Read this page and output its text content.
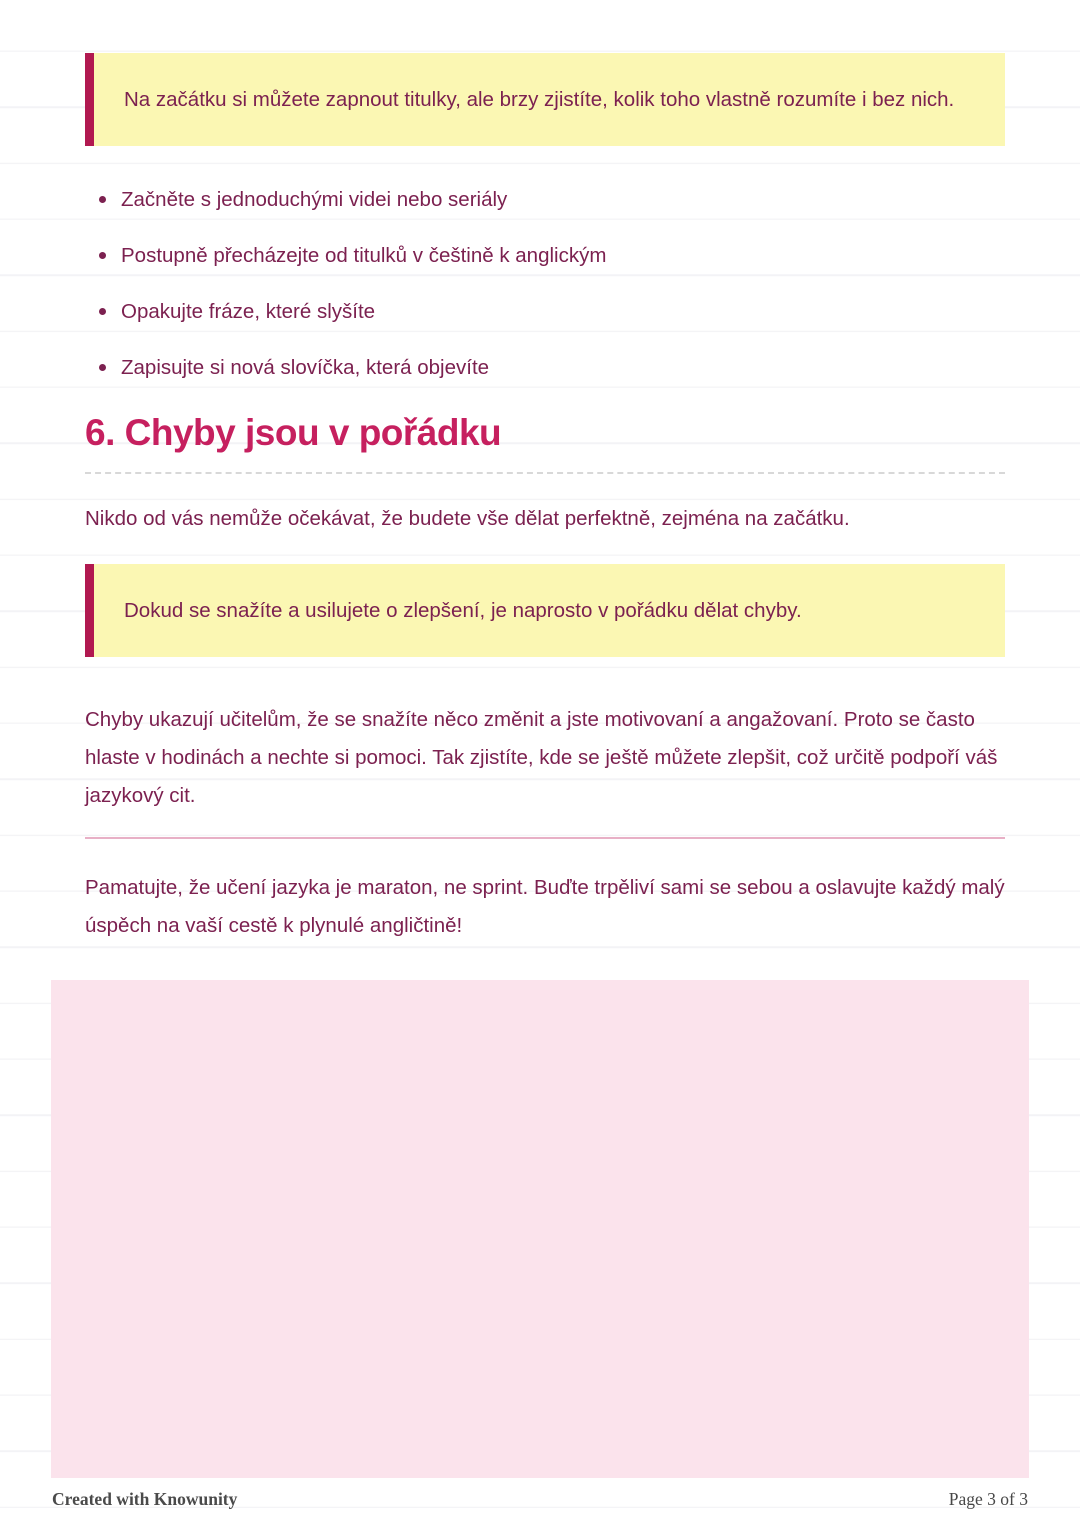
Na začátku si můžete zapnout titulky, ale brzy zjistíte, kolik toho vlastně rozumíte i bez nich.
Začněte s jednoduchými videi nebo seriály
Postupně přecházejte od titulků v češtině k anglickým
Opakujte fráze, které slyšíte
Zapisujte si nová slovíčka, která objevíte
6. Chyby jsou v pořádku

Nikdo od vás nemůže očekávat, že budete vše dělat perfektně, zejména na začátku.

Dokud se snažíte a usilujete o zlepšení, je naprosto v pořádku dělat chyby.

Chyby ukazují učitelům, že se snažíte něco změnit a jste motivovaní a angažovaní. Proto se často hlaste v hodinách a nechte si pomoci. Tak zjistíte, kde se ještě můžete zlepšit, což určitě podpoří váš jazykový cit.

Pamatujte, že učení jazyka je maraton, ne sprint. Buďte trpěliví sami se sebou a oslavujte každý malý úspěch na vaší cestě k plynulé angličtině!

Created with Knowunity	Page 3 of 3
